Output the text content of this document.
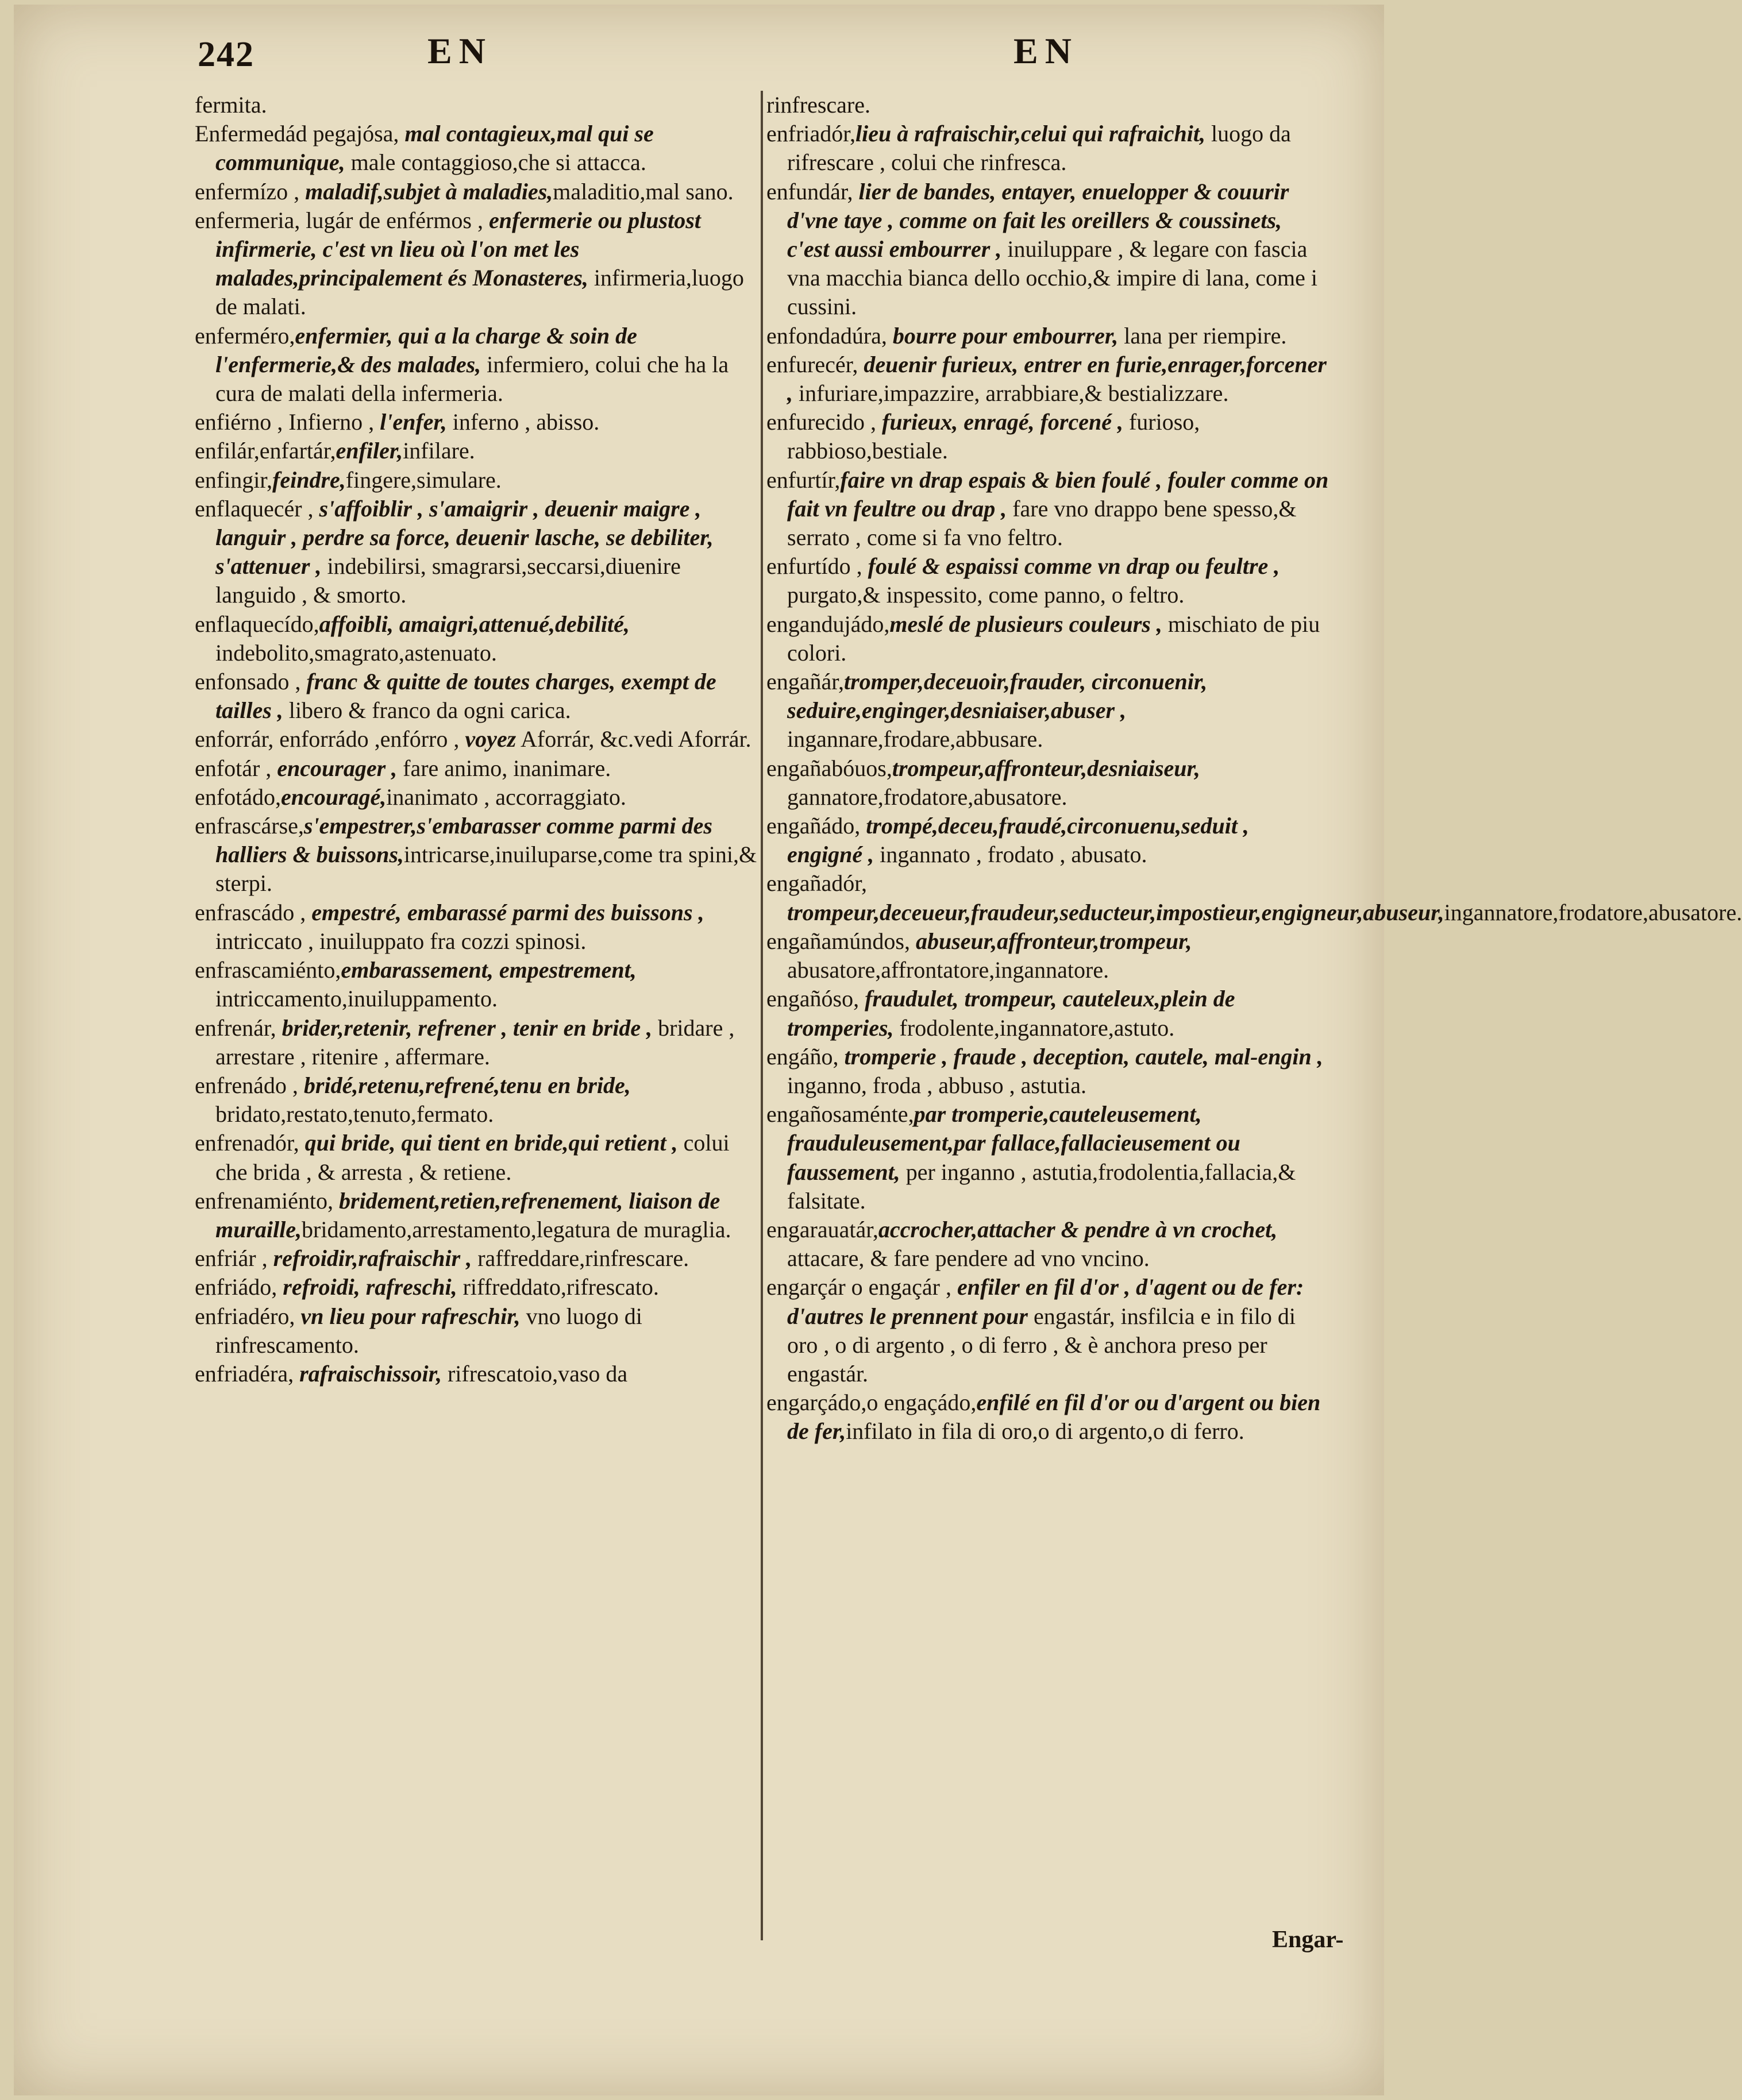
242	EN	EN

fermita.

Enfermedád pegajósa, mal contagieux,mal qui se communique, male contaggioso,che si attacca.

enfermízo , maladif,subjet à maladies,maladitio,mal sano.

enfermeria, lugár de enférmos , enfermerie ou plustost infirmerie, c'est vn lieu où l'on met les malades,principalement és Monasteres, infirmeria,luogo de malati.

enferméro,enfermier, qui a la charge & soin de l'enfermerie,& des malades, infermiero, colui che ha la cura de malati della infermeria.

enfiérno , Infierno , l'enfer, inferno , abisso.

enfilár,enfartár,enfiler,infilare.

enfingir,feindre,fingere,simulare.

enflaquecér , s'affoiblir , s'amaigrir , deuenir maigre , languir , perdre sa force, deuenir lasche, se debiliter, s'attenuer , indebilirsi, smagrarsi,seccarsi,diuenire languido , & smorto.

enflaquecído,affoibli, amaigri,attenué,debilité, indebolito,smagrato,astenuato.

enfonsado , franc & quitte de toutes charges, exempt de tailles , libero & franco da ogni carica.

enforrár, enforrádo ,enfórro , voyez Aforrár, &c.vedi Aforrár.

enfotár , encourager , fare animo, inanimare.

enfotádo,encouragé,inanimato , accorraggiato.

enfrascárse,s'empestrer,s'embarasser comme parmi des halliers & buissons,intricarse,inuiluparse,come tra spini,& sterpi.

enfrascádo , empestré, embarassé parmi des buissons , intriccato , inuiluppato fra cozzi spinosi.

enfrascamiénto,embarassement, empestrement, intriccamento,inuiluppamento.

enfrenár, brider,retenir, refrener , tenir en bride , bridare , arrestare , ritenire , affermare.

enfrenádo , bridé,retenu,refrené,tenu en bride, bridato,restato,tenuto,fermato.

enfrenadór, qui bride, qui tient en bride,qui retient , colui che brida , & arresta , & retiene.

enfrenamiénto, bridement,retien,refrenement, liaison de muraille,bridamento,arrestamento,legatura de muraglia.

enfriár , refroidir,rafraischir , raffreddare,rinfrescare.

enfriádo, refroidi, rafreschi, riffreddato,rifrescato.

enfriadéro, vn lieu pour rafreschir, vno luogo di rinfrescamento.

enfriadéra, rafraischissoir, rifrescatoio,vaso da

rinfrescare.

enfriadór,lieu à rafraischir,celui qui rafraichit, luogo da rifrescare , colui che rinfresca.

enfundár, lier de bandes, entayer, enuelopper & couurir d'vne taye , comme on fait les oreillers & coussinets, c'est aussi embourrer , inuiluppare , & legare con fascia vna macchia bianca dello occhio,& impire di lana, come i cussini.

enfondadúra, bourre pour embourrer, lana per riempire.

enfurecér, deuenir furieux, entrer en furie,enrager,forcener , infuriare,impazzire, arrabbiare,& bestializzare.

enfurecido , furieux, enragé, forcené , furioso, rabbioso,bestiale.

enfurtír,faire vn drap espais & bien foulé , fouler comme on fait vn feultre ou drap , fare vno drappo bene spesso,& serrato , come si fa vno feltro.

enfurtído , foulé & espaissi comme vn drap ou feultre , purgato,& inspessito, come panno, o feltro.

engandujádo,meslé de plusieurs couleurs , mischiato de piu colori.

engañár,tromper,deceuoir,frauder, circonuenir, seduire,enginger,desniaiser,abuser , ingannare,frodare,abbusare.

engañabóuos,trompeur,affronteur,desniaiseur, gannatore,frodatore,abusatore.

engañádo, trompé,deceu,fraudé,circonuenu,seduit , engigné , ingannato , frodato , abusato.

engañadór, trompeur,deceueur,fraudeur,seducteur,impostieur,engigneur,abuseur,ingannatore,frodatore,abusatore.

engañamúndos, abuseur,affronteur,trompeur, abusatore,affrontatore,ingannatore.

engañóso, fraudulet, trompeur, cauteleux,plein de tromperies, frodolente,ingannatore,astuto.

engáño, tromperie , fraude , deception, cautele, mal-engin , inganno, froda , abbuso , astutia.

engañosaménte,par tromperie,cauteleusement, frauduleusement,par fallace,fallacieusement ou faussement, per inganno , astutia,frodolentia,fallacia,& falsitate.

engarauatár,accrocher,attacher & pendre à vn crochet, attacare, & fare pendere ad vno vncino.

engarçár o engaçár , enfiler en fil d'or , d'agent ou de fer: d'autres le prennent pour engastár, insfilcia e in filo di oro , o di argento , o di ferro , & è anchora preso per engastár.

engarçádo,o engaçádo,enfilé en fil d'or ou d'argent ou bien de fer,infilato in fila di oro,o di argento,o di ferro.

Engar-
